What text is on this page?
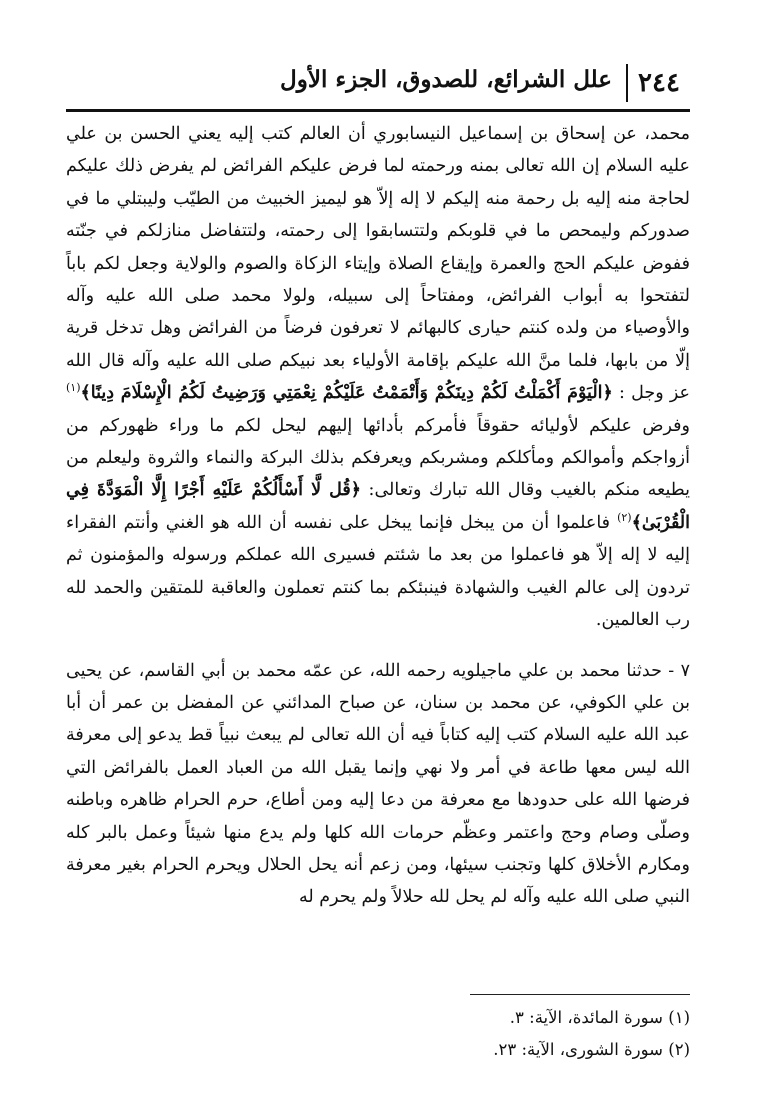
٢٤٤
علل الشرائع، للصدوق، الجزء الأول

محمد، عن إسحاق بن إسماعيل النيسابوري أن العالم كتب إليه يعني الحسن بن علي عليه السلام إن الله تعالى بمنه ورحمته لما فرض عليكم الفرائض لم يفرض ذلك عليكم لحاجة منه إليه بل رحمة منه إليكم لا إله إلاّ هو ليميز الخبيث من الطيّب وليبتلي ما في صدوركم وليمحص ما في قلوبكم ولتتسابقوا إلى رحمته، ولتتفاضل منازلكم في جنّته ففوض عليكم الحج والعمرة وإيقاع الصلاة وإيتاء الزكاة والصوم والولاية وجعل لكم باباً لتفتحوا به أبواب الفرائض، ومفتاحاً إلى سبيله، ولولا محمد صلى الله عليه وآله والأوصياء من ولده كنتم حيارى كالبهائم لا تعرفون فرضاً من الفرائض وهل تدخل قرية إلّا من بابها، فلما منَّ الله عليكم بإقامة الأولياء بعد نبيكم صلى الله عليه وآله قال الله عز وجل : ﴿الْيَوْمَ أَكْمَلْتُ لَكُمْ دِينَكُمْ وَأَتْمَمْتُ عَلَيْكُمْ نِعْمَتِي وَرَضِيتُ لَكُمُ الْإِسْلَامَ دِينًا﴾$^{(١)}$ وفرض عليكم لأوليائه حقوقاً فأمركم بأدائها إليهم ليحل لكم ما وراء ظهوركم من أزواجكم وأموالكم ومأكلكم ومشربكم ويعرفكم بذلك البركة والنماء والثروة وليعلم من يطيعه منكم بالغيب وقال الله تبارك وتعالى: ﴿قُل لَّا أَسْأَلُكُمْ عَلَيْهِ أَجْرًا إِلَّا الْمَوَدَّةَ فِي الْقُرْبَىٰ﴾$^{(٢)}$ فاعلموا أن من يبخل فإنما يبخل على نفسه أن الله هو الغني وأنتم الفقراء إليه لا إله إلاّ هو فاعملوا من بعد ما شئتم فسيرى الله عملكم ورسوله والمؤمنون ثم تردون إلى عالم الغيب والشهادة فينبئكم بما كنتم تعملون والعاقبة للمتقين والحمد لله رب العالمين.

٧ - حدثنا محمد بن علي ماجيلويه رحمه الله، عن عمّه محمد بن أبي القاسم، عن يحيى بن علي الكوفي، عن محمد بن سنان، عن صباح المدائني عن المفضل بن عمر أن أبا عبد الله عليه السلام كتب إليه كتاباً فيه أن الله تعالى لم يبعث نبياً قط يدعو إلى معرفة الله ليس معها طاعة في أمر ولا نهي وإنما يقبل الله من العباد العمل بالفرائض التي فرضها الله على حدودها مع معرفة من دعا إليه ومن أطاع، حرم الحرام ظاهره وباطنه وصلّى وصام وحج واعتمر وعظّم حرمات الله كلها ولم يدع منها شيئاً وعمل بالبر كله ومكارم الأخلاق كلها وتجنب سيئها، ومن زعم أنه يحل الحلال ويحرم الحرام بغير معرفة النبي صلى الله عليه وآله لم يحل لله حلالاً ولم يحرم له

(١) سورة المائدة، الآية: ٣.
(٢) سورة الشورى، الآية: ٢٣.
